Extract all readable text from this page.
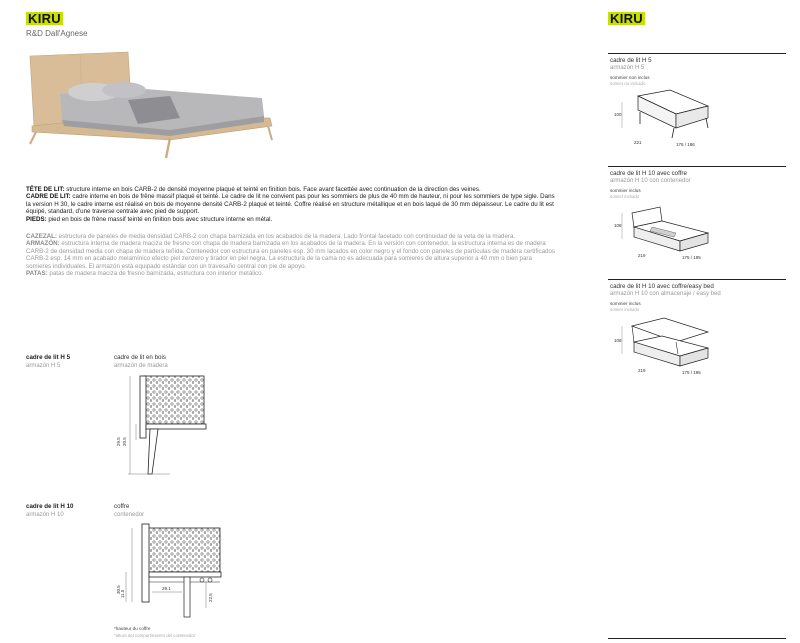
KIRU
R&D Dall'Agnese
KIRU
TÊTE DE LIT: structure interne en bois CARB-2 de densité moyenne plaqué et teinté en finition bois. Face avant facettée avec continuation de la direction des veines.
CADRE DE LIT: cadre interne en bois de frêne massif plaqué et teinté. Le cadre de lit ne convient pas pour les sommiers de plus de 40 mm de hauteur, ni pour les sommiers de type sigle. Dans la version H 30, le cadre interne est réalisé en bois de moyenne densité CARB-2 plaqué et teinté. Coffre réalisé en structure métallique et en bois laqué de 30 mm dépaisseur. Le cadre du lit est équipé, standard, d'une traverse centrale avec pied de support.
PIEDS: pied en bois de frêne massif teinté en finition bois avec structure interne en métal.
CAZEZAL: estructura de paneles de media densidad CARB-2 con chapa barnizada en los acabados de la madera. Lado frontal facetado con continuidad de la veta de la madera.
ARMAZÓN: estructura interna de madera maciza de fresno con chapa de madera barnizada en los acabados de la madera. En la versión con contenedor, la estructura interna es de madera CARB-2 de densidad media con chapa de madera teñida. Contenedor con estructura en paneles esp. 30 mm lacados en color negro y el fondo con paneles de partículas de madera certificados CARB-2 esp. 14 mm en acabado melamínico efecto piel zenzero y tirador en piel negra. La estructura de la cama no es adecuada para somieres de altura superior a 40 mm o bien para somieres individuales. El armazón está equipado estándar con un travesaño central con pie de apoyo.
PATAS: patas de madera maciza de fresno barnizada, estructura con interior metálico.
cadre de lit H 5
armazón H 5
cadre de lit en bois
armazón de madera
29.5 20.5
cadre de lit H 10
armazón H 10
coffre
contenedor
29.1
30.5 11.5	22.5
*hauteur du coffre
*altura del compartimiento del contenedor
cadre de lit H 5
armazón H 5
sommier non inclus
somier no incluido
100
221	176 / 186
cadre de lit H 10 avec coffre
armazón H 10 con contenedor
sommier inclus
somier incluido
108
219	175 / 195
cadre de lit H 10 avec coffre/easy bed
armazón H 10 con almacenaje / easy bed
sommier inclus
somier incluido
108
219	175 / 195
